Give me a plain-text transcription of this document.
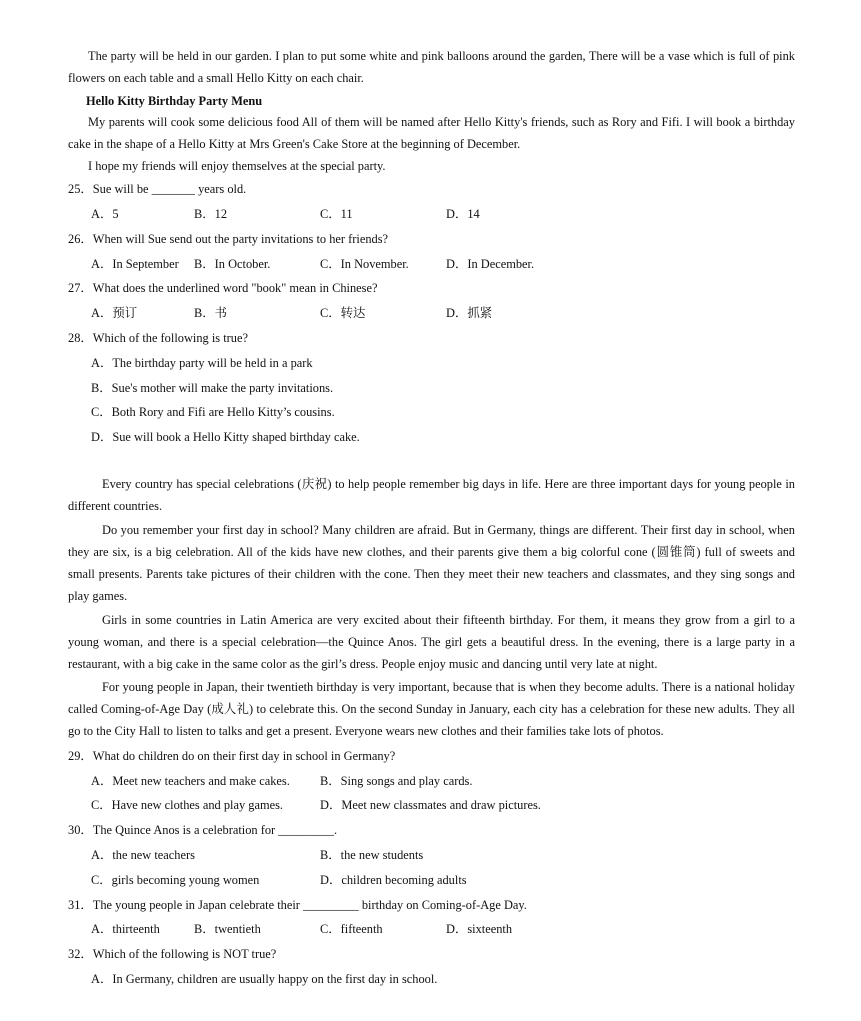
The party will be held in our garden. I plan to put some white and pink balloons around the garden, There will be a vase which is full of pink flowers on each table and a small Hello Kitty on each chair.
Hello Kitty Birthday Party Menu
My parents will cook some delicious food All of them will be named after Hello Kitty's friends, such as Rory and Fifi. I will book a birthday cake in the shape of a Hello Kitty at Mrs Green's Cake Store at the beginning of December.
I hope my friends will enjoy themselves at the special party.
25．Sue will be _______ years old.
A．5	B．12	C．11	D．14
26．When will Sue send out the party invitations to her friends?
A．In September B．In October.	C．In November.	D．In December.
27．What does the underlined word "book" mean in Chinese?
A．预订	B．书	C．转达	D．抓紧
28．Which of the following is true?
A．The birthday party will be held in a park
B．Sue's mother will make the party invitations.
C．Both Rory and Fifi are Hello Kitty’s cousins.
D．Sue will book a Hello Kitty shaped birthday cake.
Every country has special celebrations (庆祝) to help people remember big days in life. Here are three important days for young people in different countries.
Do you remember your first day in school? Many children are afraid. But in Germany, things are different. Their first day in school, when they are six, is a big celebration. All of the kids have new clothes, and their parents give them a big colorful cone (圆锥筒) full of sweets and small presents. Parents take pictures of their children with the cone. Then they meet their new teachers and classmates, and they sing songs and play games.
Girls in some countries in Latin America are very excited about their fifteenth birthday. For them, it means they grow from a girl to a young woman, and there is a special celebration—the Quince Anos. The girl gets a beautiful dress. In the evening, there is a large party in a restaurant, with a big cake in the same color as the girl’s dress. People enjoy music and dancing until very late at night.
For young people in Japan, their twentieth birthday is very important, because that is when they become adults. There is a national holiday called Coming-of-Age Day (成人礼) to celebrate this. On the second Sunday in January, each city has a celebration for these new adults. They all go to the City Hall to listen to talks and get a present. Everyone wears new clothes and their families take lots of photos.
29．What do children do on their first day in school in Germany?
A．Meet new teachers and make cakes. B．Sing songs and play cards.
C．Have new clothes and play games.	D．Meet new classmates and draw pictures.
30．The Quince Anos is a celebration for _________.
A．the new teachers	B．the new students
C．girls becoming young women	D．children becoming adults
31．The young people in Japan celebrate their _________ birthday on Coming-of-Age Day.
A．thirteenth	B．twentieth	C．fifteenth	D．sixteenth
32．Which of the following is NOT true?
A．In Germany, children are usually happy on the first day in school.
